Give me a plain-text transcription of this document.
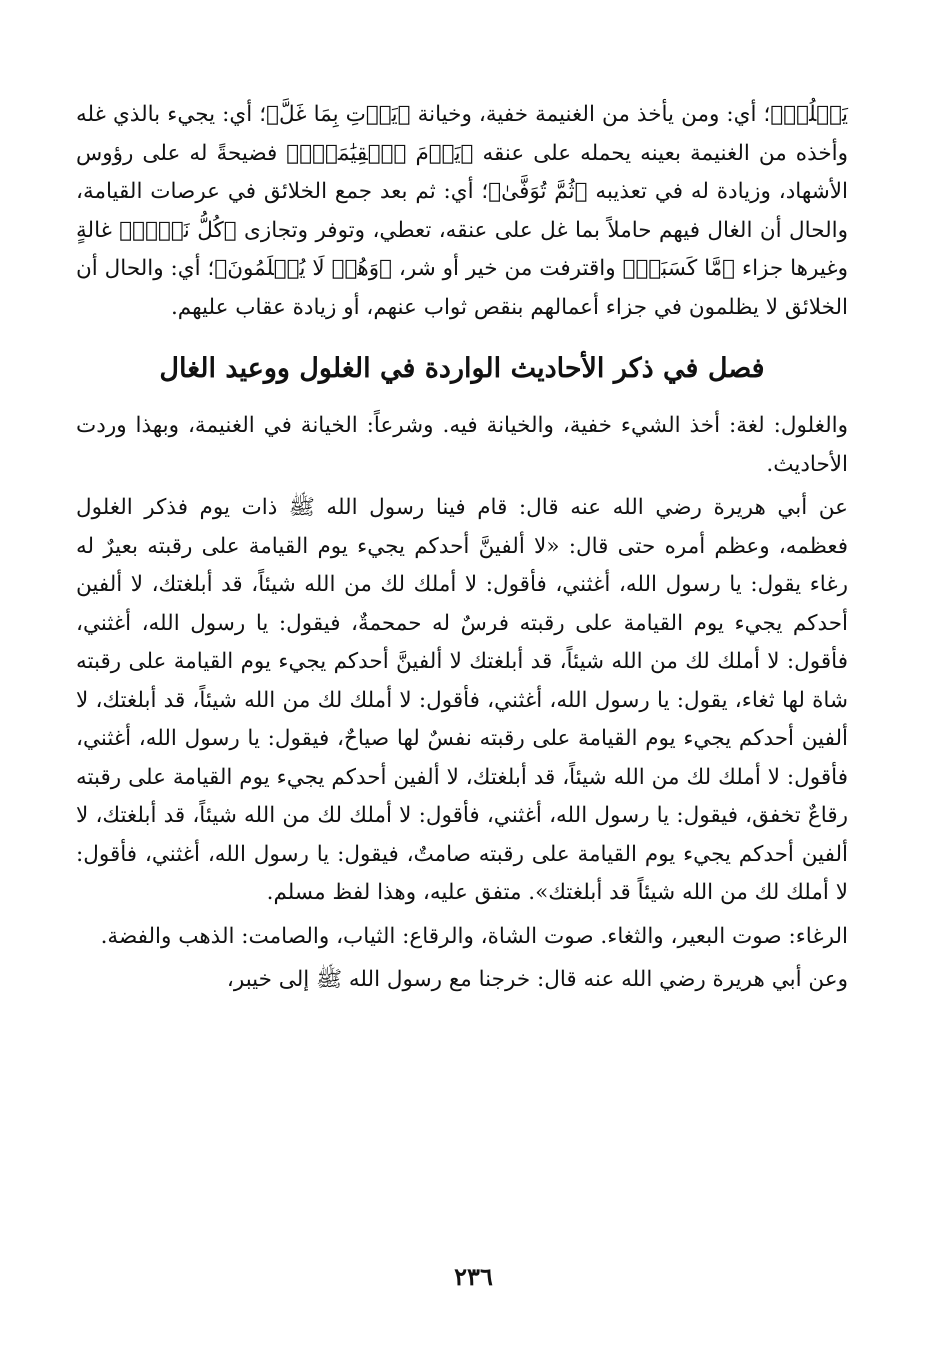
يَغۡلُلۡ﴾؛ أي: ومن يأخذ من الغنيمة خفية، وخيانة ﴿يَأۡتِ بِمَا غَلَّ﴾؛ أي: يجيء بالذي غله وأخذه من الغنيمة بعينه يحمله على عنقه ﴿يَوۡمَ ٱلۡقِيَٰمَةِۚ﴾ فضيحةً له على رؤوس الأشهاد، وزيادة له في تعذيبه ﴿ثُمَّ تُوَفَّىٰ﴾؛ أي: ثم بعد جمع الخلائق في عرصات القيامة، والحال أن الغال فيهم حاملاً بما غل على عنقه، تعطي، وتوفر وتجازى ﴿كُلُّ نَفۡسٖ﴾ غالةٍ وغيرها جزاء ﴿مَّا كَسَبَتۡ﴾ واقترفت من خير أو شر، ﴿وَهُمۡ لَا يُظۡلَمُونَ﴾؛ أي: والحال أن الخلائق لا يظلمون في جزاء أعمالهم بنقص ثواب عنهم، أو زيادة عقاب عليهم.

فصل في ذكر الأحاديث الواردة في الغلول ووعيد الغال

والغلول: لغة: أخذ الشيء خفية، والخيانة فيه. وشرعاً: الخيانة في الغنيمة، وبهذا وردت الأحاديث.

عن أبي هريرة رضي الله عنه قال: قام فينا رسول الله ﷺ ذات يوم فذكر الغلول فعظمه، وعظم أمره حتى قال: «لا ألفينَّ أحدكم يجيء يوم القيامة على رقبته بعيرٌ له رغاء يقول: يا رسول الله، أغثني، فأقول: لا أملك لك من الله شيئاً، قد أبلغتك، لا ألفين أحدكم يجيء يوم القيامة على رقبته فرسٌ له حمحمةٌ، فيقول: يا رسول الله، أغثني، فأقول: لا أملك لك من الله شيئاً، قد أبلغتك لا ألفينَّ أحدكم يجيء يوم القيامة على رقبته شاة لها ثغاء، يقول: يا رسول الله، أغثني، فأقول: لا أملك لك من الله شيئاً، قد أبلغتك، لا ألفين أحدكم يجيء يوم القيامة على رقبته نفسٌ لها صياحٌ، فيقول: يا رسول الله، أغثني، فأقول: لا أملك لك من الله شيئاً، قد أبلغتك، لا ألفين أحدكم يجيء يوم القيامة على رقبته رقاعٌ تخفق، فيقول: يا رسول الله، أغثني، فأقول: لا أملك لك من الله شيئاً، قد أبلغتك، لا ألفين أحدكم يجيء يوم القيامة على رقبته صامتٌ، فيقول: يا رسول الله، أغثني، فأقول: لا أملك لك من الله شيئاً قد أبلغتك». متفق عليه، وهذا لفظ مسلم.

الرغاء: صوت البعير، والثغاء. صوت الشاة، والرقاع: الثياب، والصامت: الذهب والفضة.

وعن أبي هريرة رضي الله عنه قال: خرجنا مع رسول الله ﷺ إلى خيبر،

٢٣٦
